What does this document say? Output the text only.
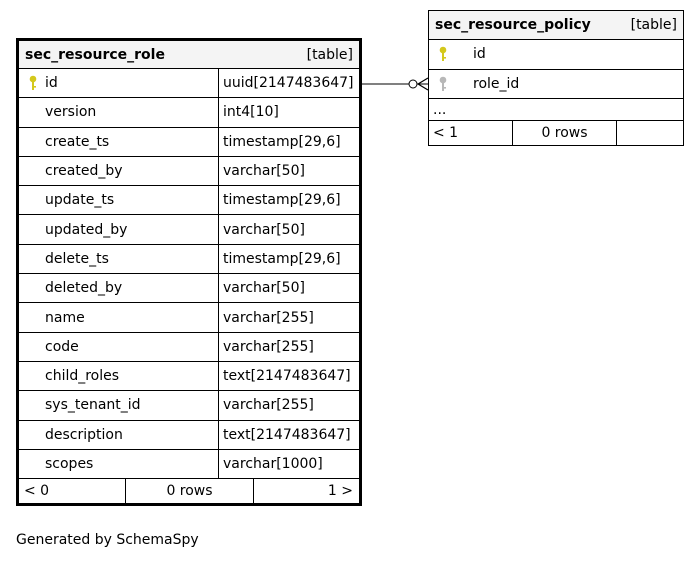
sec_resource_role	[table]
id	uuid[2147483647]
version	int4[10]
create_ts	timestamp[29,6]
created_by	varchar[50]
update_ts	timestamp[29,6]
updated_by	varchar[50]
delete_ts	timestamp[29,6]
deleted_by	varchar[50]
name	varchar[255]
code	varchar[255]
child_roles	text[2147483647]
sys_tenant_id	varchar[255]
description	text[2147483647]
scopes	varchar[1000]
< 0	0 rows	1 >
sec_resource_policy	[table]
id
role_id
...
< 1	0 rows
Generated by SchemaSpy
